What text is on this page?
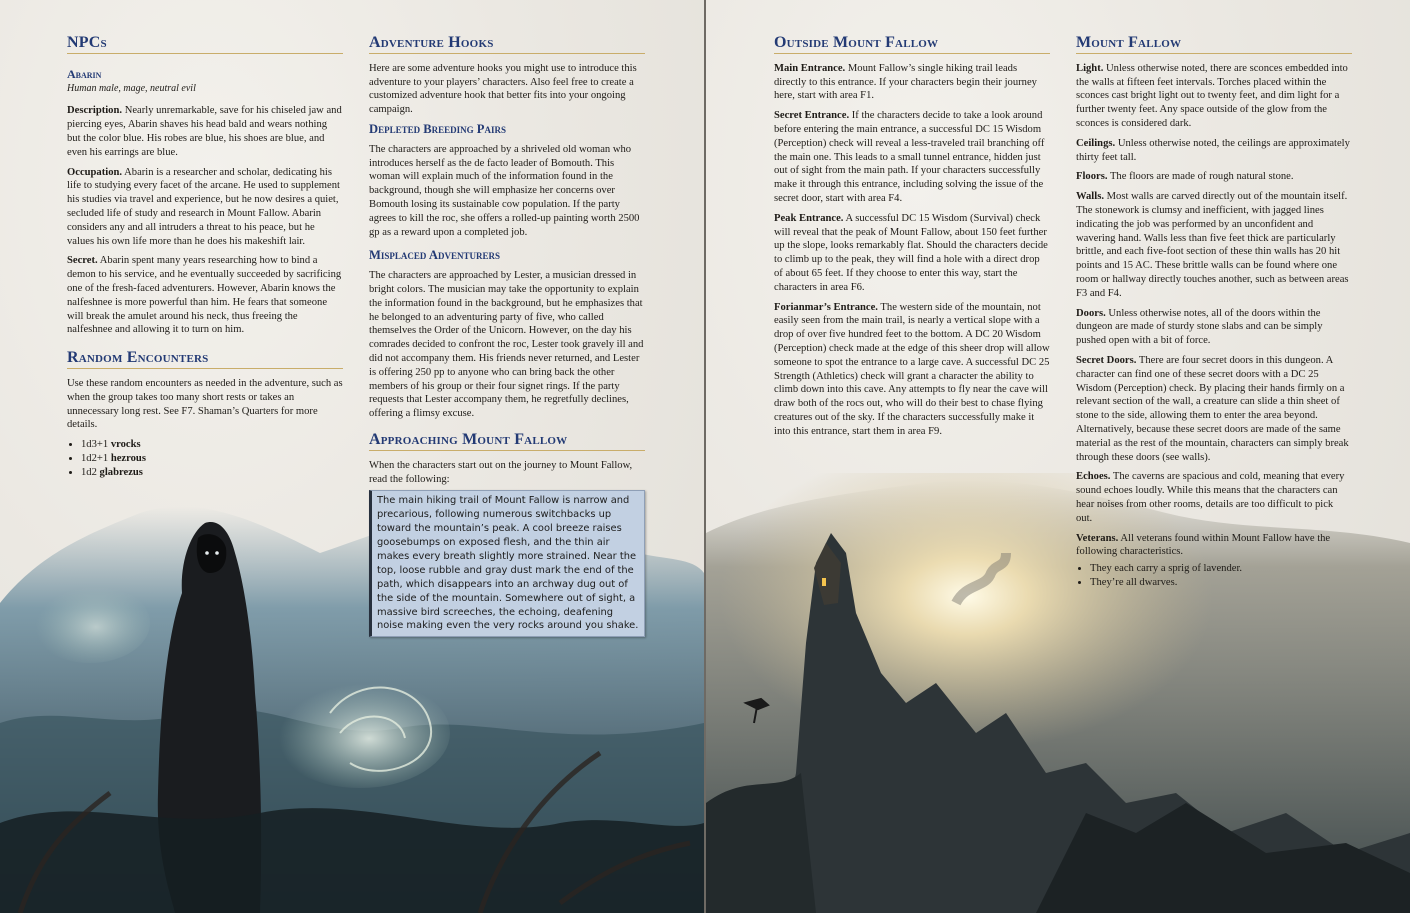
NPCs
Abarin

Human male, mage, neutral evil

Description. Nearly unremarkable, save for his chiseled jaw and piercing eyes, Abarin shaves his head bald and wears nothing but the color blue. His robes are blue, his shoes are blue, and even his earrings are blue.

Occupation. Abarin is a researcher and scholar, dedicating his life to studying every facet of the arcane. He used to supplement his studies via travel and experience, but he now desires a quiet, secluded life of study and research in Mount Fallow. Abarin considers any and all intruders a threat to his peace, but he values his own life more than he does his makeshift lair.

Secret. Abarin spent many years researching how to bind a demon to his service, and he eventually succeeded by sacrificing one of the fresh-faced adventurers. However, Abarin knows the nalfeshnee is more powerful than him. He fears that someone will break the amulet around his neck, thus freeing the nalfeshnee and allowing it to turn on him.

Random Encounters

Use these random encounters as needed in the adventure, such as when the group takes too many short rests or takes an unnecessary long rest. See F7. Shaman’s Quarters for more details.

• 1d3+1 vrocks
• 1d2+1 hezrous
• 1d2 glabrezus
Adventure Hooks

Here are some adventure hooks you might use to introduce this adventure to your players’ characters. Also feel free to create a customized adventure hook that better fits into your ongoing campaign.

Depleted Breeding Pairs

The characters are approached by a shriveled old woman who introduces herself as the de facto leader of Bomouth. This woman will explain much of the information found in the background, though she will emphasize her concerns over Bomouth losing its sustainable cow population. If the party agrees to kill the roc, she offers a rolled-up painting worth 2500 gp as a reward upon a completed job.

Misplaced Adventurers

The characters are approached by Lester, a musician dressed in bright colors. The musician may take the opportunity to explain the information found in the background, but he emphasizes that he belonged to an adventuring party of five, who called themselves the Order of the Unicorn. However, on the day his comrades decided to confront the roc, Lester took gravely ill and did not accompany them. His friends never returned, and Lester is offering 250 pp to anyone who can bring back the other members of his group or their four signet rings. If the party requests that Lester accompany them, he regretfully declines, offering a flimsy excuse.

Approaching Mount Fallow

When the characters start out on the journey to Mount Fallow, read the following:

The main hiking trail of Mount Fallow is narrow and precarious, following numerous switchbacks up toward the mountain’s peak. A cool breeze raises goosebumps on exposed flesh, and the thin air makes every breath slightly more strained. Near the top, loose rubble and gray dust mark the end of the path, which disappears into an archway dug out of the side of the mountain. Somewhere out of sight, a massive bird screeches, the echoing, deafening noise making even the very rocks around you shake.
Outside Mount Fallow

Main Entrance. Mount Fallow’s single hiking trail leads directly to this entrance. If your characters begin their journey here, start with area F1.

Secret Entrance. If the characters decide to take a look around before entering the main entrance, a successful DC 15 Wisdom (Perception) check will reveal a less-traveled trail branching off the main one. This leads to a small tunnel entrance, hidden just out of sight from the main path. If your characters successfully make it through this entrance, including solving the issue of the secret door, start with area F4.

Peak Entrance. A successful DC 15 Wisdom (Survival) check will reveal that the peak of Mount Fallow, about 150 feet further up the slope, looks remarkably flat. Should the characters decide to climb up to the peak, they will find a hole with a direct drop of about 65 feet. If they choose to enter this way, start the characters in area F6.

Forianmar’s Entrance. The western side of the mountain, not easily seen from the main trail, is nearly a vertical slope with a drop of over five hundred feet to the bottom. A DC 20 Wisdom (Perception) check made at the edge of this sheer drop will allow someone to spot the entrance to a large cave. A successful DC 25 Strength (Athletics) check will grant a character the ability to climb down into this cave. Any attempts to fly near the cave will draw both of the rocs out, who will do their best to chase flying creatures out of the sky. If the characters successfully make it into this entrance, start them in area F9.

Mount Fallow

Light. Unless otherwise noted, there are sconces embedded into the walls at fifteen feet intervals. Torches placed within the sconces cast bright light out to twenty feet, and dim light for a further twenty feet. Any space outside of the glow from the sconces is considered dark.

Ceilings. Unless otherwise noted, the ceilings are approximately thirty feet tall.

Floors. The floors are made of rough natural stone.

Walls. Most walls are carved directly out of the mountain itself. The stonework is clumsy and inefficient, with jagged lines indicating the job was performed by an unconfident and wavering hand. Walls less than five feet thick are particularly brittle, and each five-foot section of these thin walls has 20 hit points and 15 AC. These brittle walls can be found where one room or hallway directly touches another, such as between areas F3 and F4.

Doors. Unless otherwise notes, all of the doors within the dungeon are made of sturdy stone slabs and can be simply pushed open with a bit of force.

Secret Doors. There are four secret doors in this dungeon. A character can find one of these secret doors with a DC 25 Wisdom (Perception) check. By placing their hands firmly on a relevant section of the wall, a creature can slide a thin sheet of stone to the side, allowing them to enter the area beyond. Alternatively, because these secret doors are made of the same material as the rest of the mountain, characters can simply break through these doors (see walls).

Echoes. The caverns are spacious and cold, meaning that every sound echoes loudly. While this means that the characters can hear noises from other rooms, details are too difficult to pick out.

Veterans. All veterans found within Mount Fallow have the following characteristics.

• They each carry a sprig of lavender.
• They’re all dwarves.
